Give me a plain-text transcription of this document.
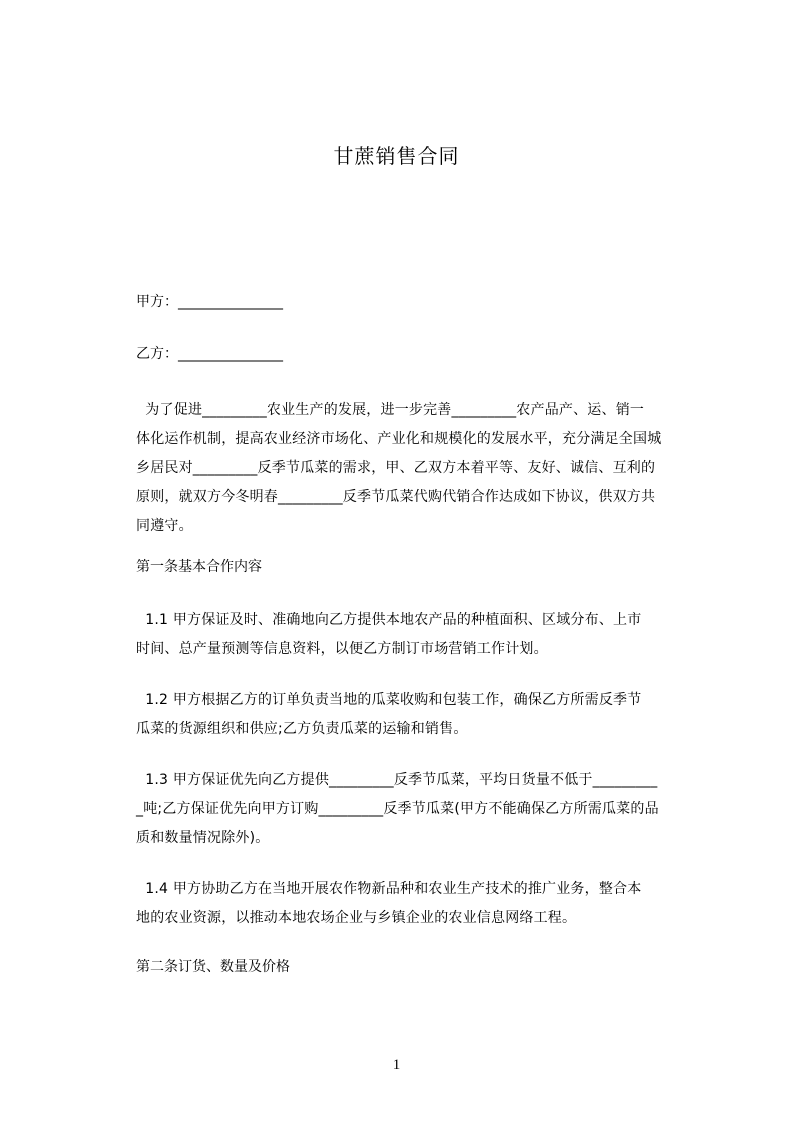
甘蔗销售合同
甲方：_______________
乙方：_______________
为了促进_________农业生产的发展，进一步完善_________农产品产、运、销一
体化运作机制，提高农业经济市场化、产业化和规模化的发展水平，充分满足全国城
乡居民对_________反季节瓜菜的需求，甲、乙双方本着平等、友好、诚信、互利的
原则，就双方今冬明春_________反季节瓜菜代购代销合作达成如下协议，供双方共
同遵守。
第一条基本合作内容
1.1 甲方保证及时、准确地向乙方提供本地农产品的种植面积、区域分布、上市
时间、总产量预测等信息资料，以便乙方制订市场营销工作计划。
1.2 甲方根据乙方的订单负责当地的瓜菜收购和包装工作，确保乙方所需反季节
瓜菜的货源组织和供应;乙方负责瓜菜的运输和销售。
1.3 甲方保证优先向乙方提供_________反季节瓜菜，平均日货量不低于_________
_吨;乙方保证优先向甲方订购_________反季节瓜菜(甲方不能确保乙方所需瓜菜的品
质和数量情况除外)。
1.4 甲方协助乙方在当地开展农作物新品种和农业生产技术的推广业务，整合本
地的农业资源，以推动本地农场企业与乡镇企业的农业信息网络工程。
第二条订货、数量及价格
1
